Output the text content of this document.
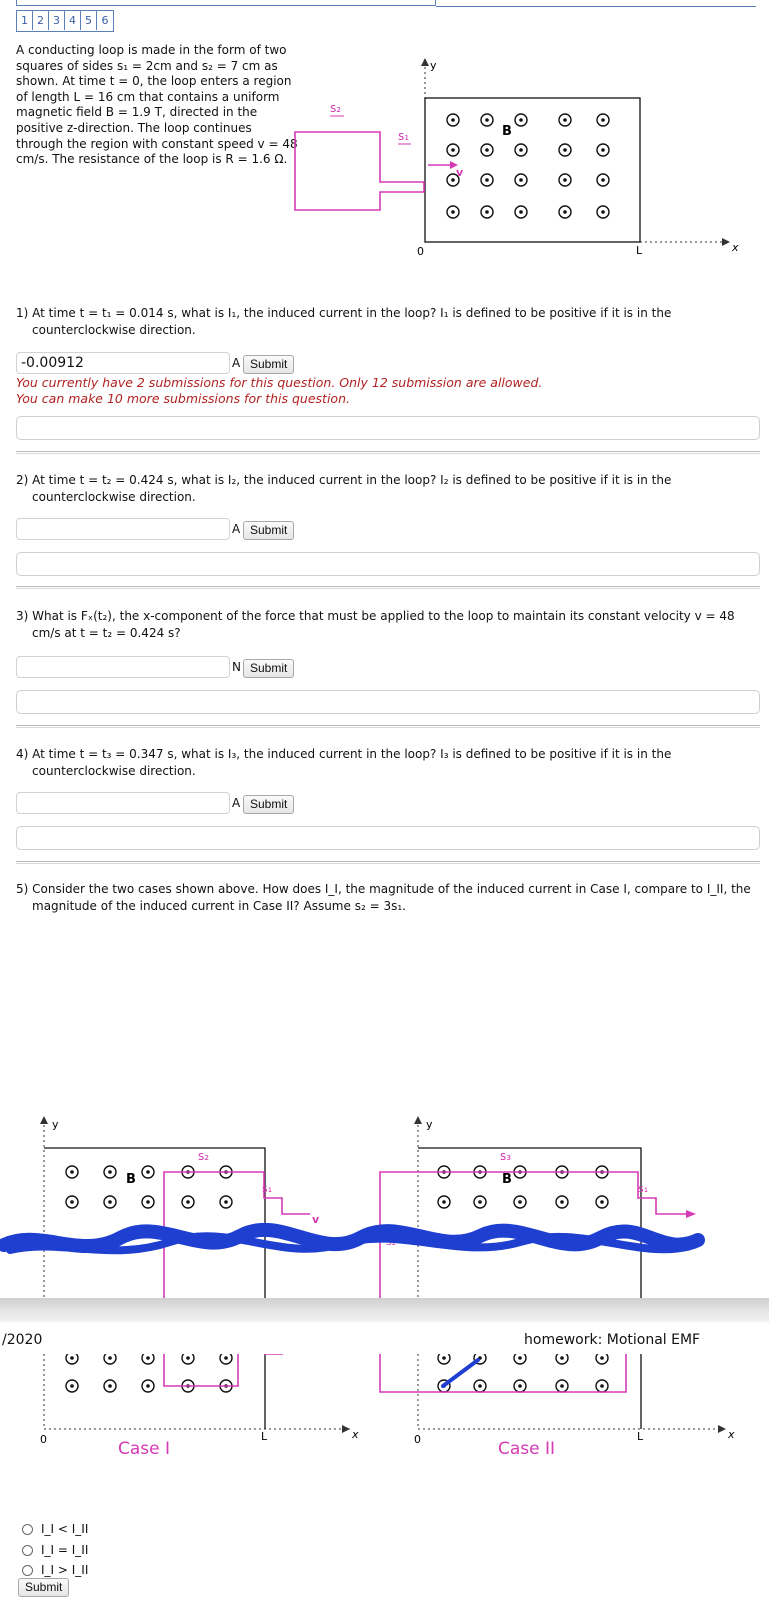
1 2 3 4 5 6
A conducting loop is made in the form of two squares of sides s₁ = 2cm and s₂ = 7 cm as shown. At time t = 0, the loop enters a region of length L = 16 cm that contains a uniform magnetic field B = 1.9 T, directed in the positive z-direction. The loop continues through the region with constant speed v = 48 cm/s. The resistance of the loop is R = 1.6 Ω.
y
x
0	L
B
s₂
s₁
v
1) At time t = t₁ = 0.014 s, what is I₁, the induced current in the loop? I₁ is defined to be positive if it is in the counterclockwise direction.
-0.00912	A Submit
You currently have 2 submissions for this question. Only 12 submission are allowed.
You can make 10 more submissions for this question.
2) At time t = t₂ = 0.424 s, what is I₂, the induced current in the loop? I₂ is defined to be positive if it is in the counterclockwise direction.
A Submit
3) What is Fₓ(t₂), the x-component of the force that must be applied to the loop to maintain its constant velocity v = 48 cm/s at t = t₂ = 0.424 s?
N Submit
4) At time t = t₃ = 0.347 s, what is I₃, the induced current in the loop? I₃ is defined to be positive if it is in the counterclockwise direction.
A Submit
5) Consider the two cases shown above. How does I_I, the magnitude of the induced current in Case I, compare to I_II, the magnitude of the induced current in Case II? Assume s₂ = 3s₁.
y
B
s₂
s₁
v
y
B
s₃
s₁
s₂
/2020	homework: Motional EMF
x
0	L
Case I
x
0	L
Case II
I_I < I_II
I_I = I_II
I_I > I_II
Submit
